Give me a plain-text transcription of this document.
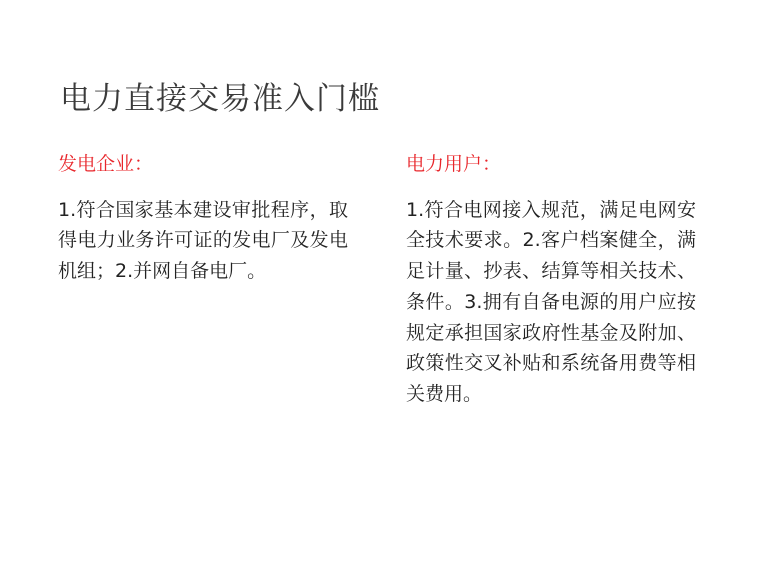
电力直接交易准入门槛

发电企业：

1.符合国家基本建设审批程序，取得电力业务许可证的发电厂及发电机组；2.并网自备电厂。

电力用户：

1.符合电网接入规范，满足电网安全技术要求。2.客户档案健全，满足计量、抄表、结算等相关技术、条件。3.拥有自备电源的用户应按规定承担国家政府性基金及附加、政策性交叉补贴和系统备用费等相关费用。
